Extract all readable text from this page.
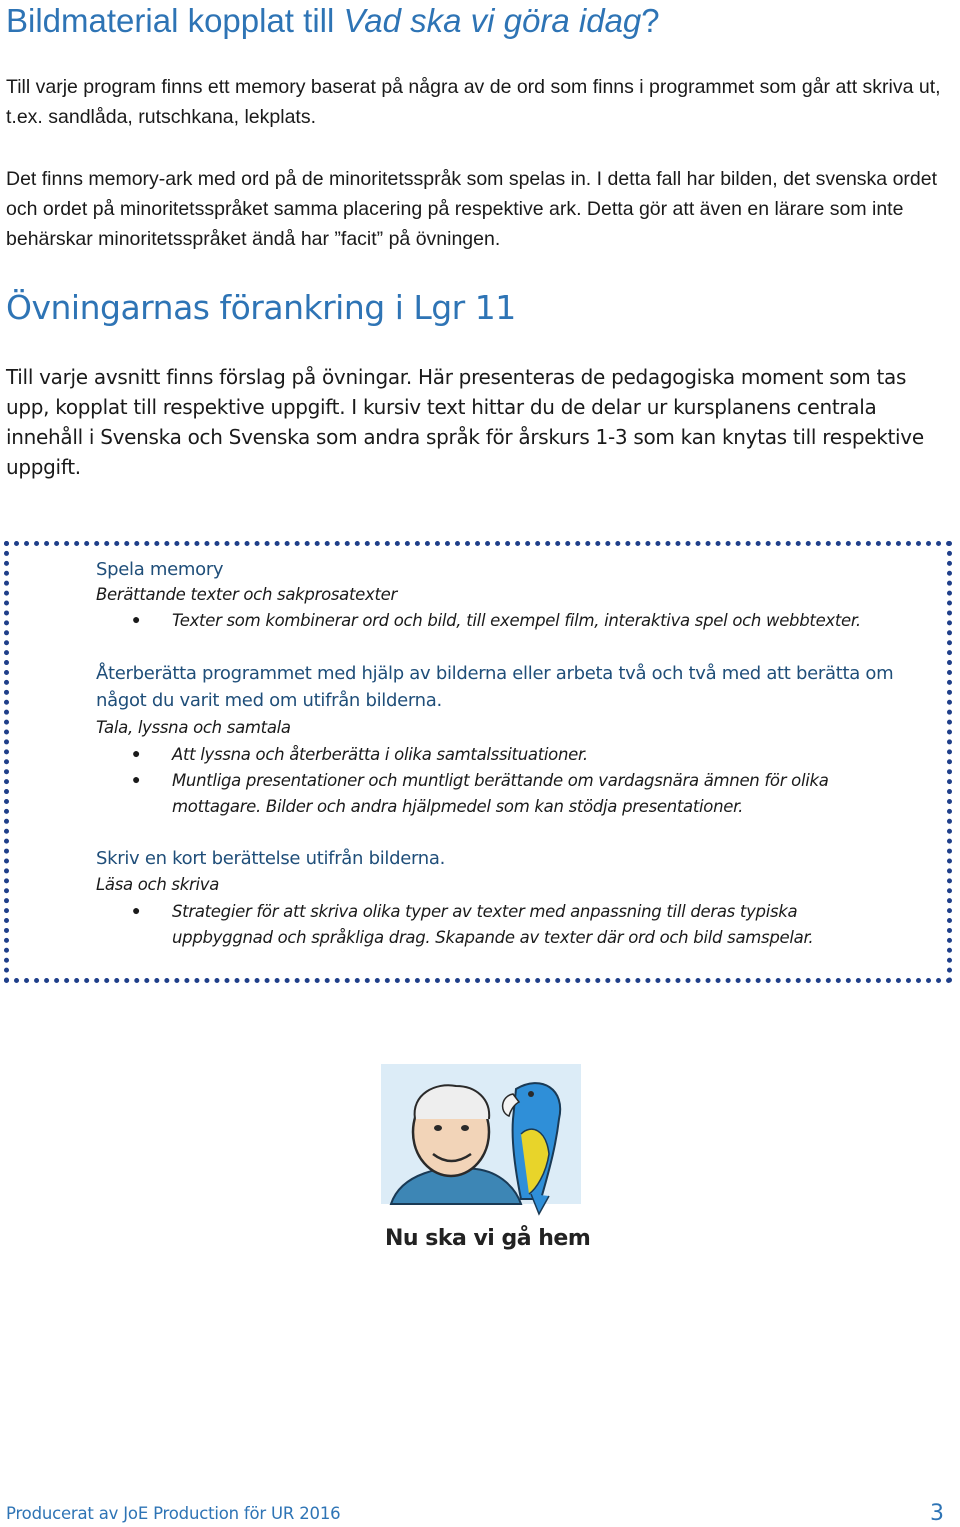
Bildmaterial kopplat till Vad ska vi göra idag?
Till varje program finns ett memory baserat på några av de ord som finns i programmet som går att skriva ut, t.ex. sandlåda, rutschkana, lekplats.
Det finns memory-ark med ord på de minoritetsspråk som spelas in. I detta fall har bilden, det svenska ordet och ordet på minoritetsspråket samma placering på respektive ark. Detta gör att även en lärare som inte behärskar minoritetsspråket ändå har ”facit” på övningen.
Övningarnas förankring i Lgr 11
Till varje avsnitt finns förslag på övningar. Här presenteras de pedagogiska moment som tas upp, kopplat till respektive uppgift. I kursiv text hittar du de delar ur kursplanens centrala innehåll i Svenska och Svenska som andra språk för årskurs 1-3 som kan knytas till respektive uppgift.
Spela memory
Berättande texter och sakprosatexter
● Texter som kombinerar ord och bild, till exempel film, interaktiva spel och webbtexter.
Återberätta programmet med hjälp av bilderna eller arbeta två och två med att berätta om något du varit med om utifrån bilderna.
Tala, lyssna och samtala
● Att lyssna och återberätta i olika samtalssituationer.
● Muntliga presentationer och muntligt berättande om vardagsnära ämnen för olika mottagare. Bilder och andra hjälpmedel som kan stödja presentationer.
Skriv en kort berättelse utifrån bilderna.
Läsa och skriva
● Strategier för att skriva olika typer av texter med anpassning till deras typiska uppbyggnad och språkliga drag. Skapande av texter där ord och bild samspelar.
Nu ska vi gå hem
Producerat av JoE Production för UR 2016	3
